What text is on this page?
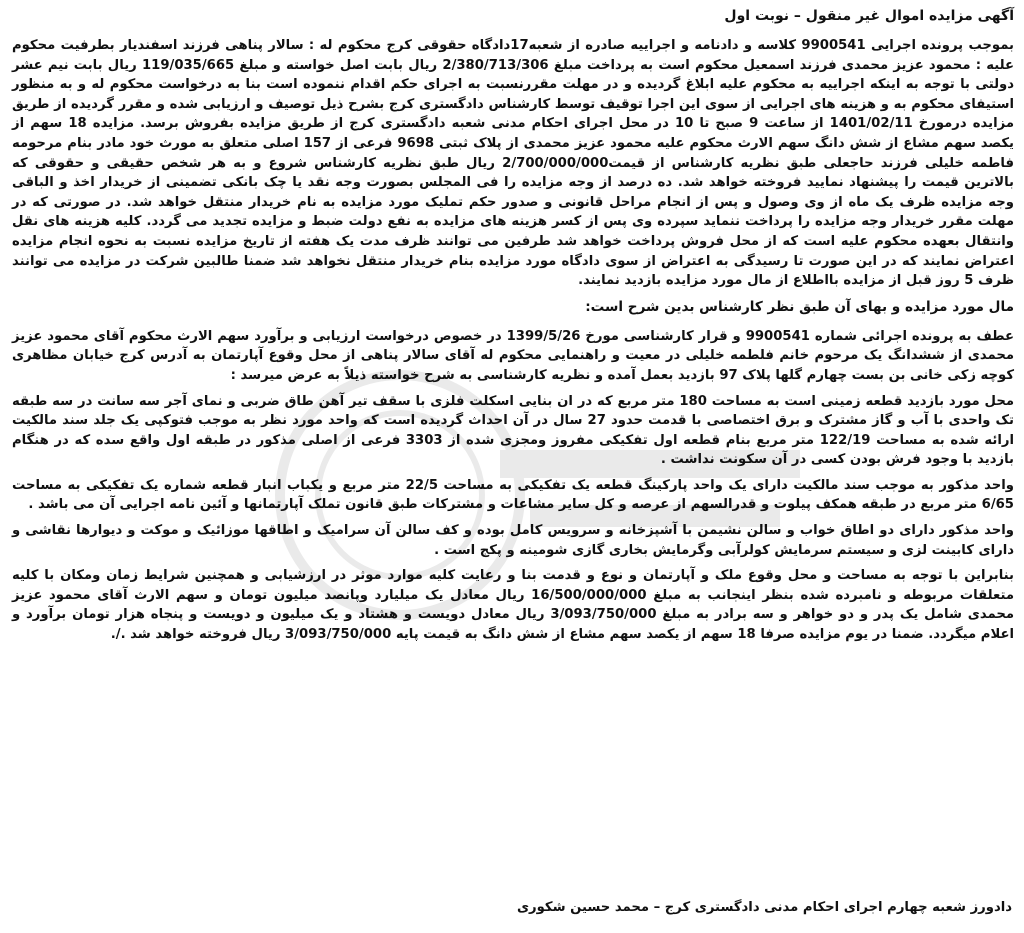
آگهی مزایده اموال غیر منقول – نوبت اول

بموجب پرونده اجرایی 9900541 کلاسه و دادنامه و اجراییه صادره از شعبه17دادگاه حقوقی کرج محکوم له : سالار پناهی فرزند اسفندیار بطرفیت محکوم علیه : محمود عزیز محمدی فرزند اسمعیل محکوم است به پرداخت مبلغ 2/380/713/306 ریال بابت اصل خواسته و مبلغ 119/035/665 ریال بابت نیم عشر دولتی با توجه به اینکه اجراییه به محکوم علیه ابلاغ گردیده و در مهلت مقررنسبت به اجرای حکم اقدام ننموده است بنا به درخواست محکوم له و به منظور استیفای محکوم به و هزینه های اجرایی از سوی این اجرا توقیف توسط کارشناس دادگستری کرج بشرح ذیل توصیف و ارزیابی شده و مقرر گردیده از طریق مزایده درمورخ 1401/02/11 از ساعت 9 صبح تا 10 در محل اجرای احکام مدنی شعبه دادگستری کرج از طریق مزایده بفروش برسد. مزایده 18 سهم از یکصد سهم مشاع از شش دانگ سهم الارث محکوم علیه محمود عزیز محمدی از پلاک ثبتی 9698 فرعی از 157 اصلی متعلق به مورث خود مادر بنام مرحومه فاطمه خلیلی فرزند حاجعلی طبق نظریه کارشناس از قیمت2/700/000/000 ریال طبق نظریه کارشناس شروع و به هر شخص حقیقی و حقوقی که بالاترین قیمت را پیشنهاد نمایید فروخته خواهد شد. ده درصد از وجه مزایده را فی المجلس بصورت وجه نقد یا چک بانکی تضمینی از خریدار اخذ و الباقی وجه مزایده ظرف یک ماه از وی وصول و پس از انجام مراحل قانونی و صدور حکم تملیک مورد مزایده به نام خریدار منتقل خواهد شد. در صورتی که در مهلت مقرر خریدار وجه مزایده را پرداخت ننماید سپرده وی پس از کسر هزینه های مزایده به نفع دولت ضبط و مزایده تجدید می گردد. کلیه هزینه های نقل وانتقال بعهده محکوم علیه است که از محل فروش پرداخت خواهد شد طرفین می توانند ظرف مدت یک هفته از تاریخ مزایده نسبت به نحوه انجام مزایده اعتراض نمایند که در این صورت تا رسیدگی به اعتراض از سوی دادگاه مورد مزایده بنام خریدار منتقل نخواهد شد ضمنا طالبین شرکت در مزایده می توانند ظرف 5 روز قبل از مزایده بااطلاع از مال مورد مزایده بازدید نمایند.

مال مورد مزایده و بهای آن طبق نظر کارشناس بدین شرح است:

عطف به پرونده اجرائی شماره 9900541 و قرار کارشناسی مورخ 1399/5/26 در خصوص درخواست ارزیابی و برآورد سهم الارث محکوم آقای محمود عزیز محمدی از ششدانگ یک مرحوم خانم فلطمه خلیلی در معیت و راهنمایی محکوم له آقای سالار پناهی از محل وقوع آپارتمان به آدرس کرج خیابان مظاهری کوچه زکی خانی بن بست چهارم گلها پلاک 97 بازدید بعمل آمده و نظریه کارشناسی به شرح خواسته ذیلاً به عرض میرسد :

محل مورد بازدید قطعه زمینی است به مساحت 180 متر مربع که در ان بنایی اسکلت فلزی با سقف تیر آهن طاق ضربی و نمای آجر سه سانت در سه طبقه تک واحدی با آب و گاز مشترک و برق اختصاصی با قدمت حدود 27 سال در آن احداث گردیده است که واحد مورد نظر به موجب فتوکپی یک جلد سند مالکیت ارائه شده به مساحت 122/19 متر مربع بنام قطعه اول تفکیکی مفروز ومجزی شده از 3303 فرعی از اصلی مذکور در طبقه اول واقع سده که در هنگام بازدید با وجود فرش بودن کسی در آن سکونت نداشت .

واحد مذکور به موجب سند مالکیت دارای یک واحد پارکینگ قطعه یک تفکیکی به مساحت 22/5 متر مربع و یکباب انبار قطعه شماره یک تفکیکی به مساحت 6/65 متر مربع در طبقه همکف پیلوت و قدرالسهم از عرصه و کل سایر مشاعات و مشترکات طبق قانون تملک آپارتمانها و آئین نامه اجرایی آن می باشد .

واحد مذکور دارای دو اطاق خواب و سالن نشیمن با آشپزخانه و سرویس کامل بوده و کف سالن آن سرامیک و اطاقها موزائیک و موکت و دیوارها نقاشی و دارای کابینت لزی و سیستم سرمایش کولرآبی وگرمایش بخاری گازی شومینه و پکج است .

بنابراین با توجه به مساحت و محل وقوع ملک و آپارتمان و نوع و قدمت بنا و رعایت کلیه موارد موثر در ارزشیابی و همچنین شرایط زمان ومکان با کلیه متعلقات مربوطه و نامبرده شده بنظر اینجانب به مبلغ 16/500/000/000 ریال معادل یک میلیارد وپانصد میلیون تومان و سهم الارث آقای محمود عزیز محمدی شامل یک پدر و دو خواهر و سه برادر به مبلغ 3/093/750/000 ریال معادل دویست و هشتاد و یک میلیون و دویست و پنجاه هزار تومان برآورد و اعلام میگردد. ضمنا در یوم مزایده صرفا 18 سهم از یکصد سهم مشاع از شش دانگ به قیمت پایه 3/093/750/000 ریال فروخته خواهد شد ./.

دادورز شعبه چهارم اجرای احکام مدنی دادگستری کرج – محمد حسین شکوری
